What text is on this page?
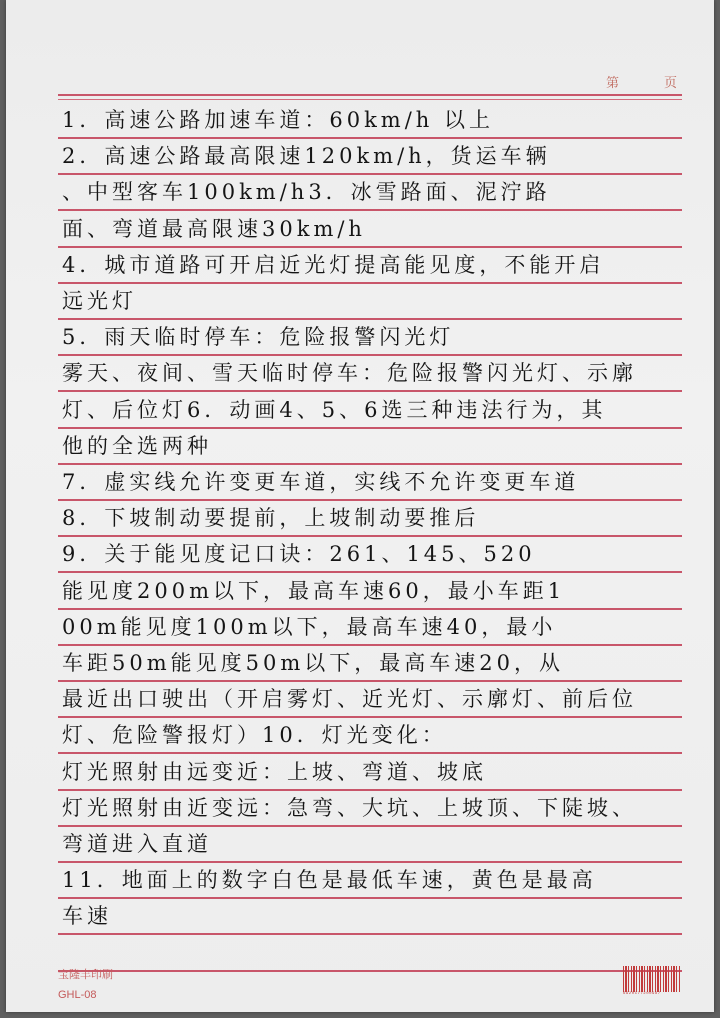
第	页
1．高速公路加速车道：60km/h 以上
2．高速公路最高限速120km/h，货运车辆
、中型客车100km/h3．冰雪路面、泥泞路
面、弯道最高限速30km/h
4．城市道路可开启近光灯提高能见度，不能开启
远光灯
5．雨天临时停车：危险报警闪光灯
雾天、夜间、雪天临时停车：危险报警闪光灯、示廓
灯、后位灯6．动画4、5、6选三种违法行为，其
他的全选两种
7．虚实线允许变更车道，实线不允许变更车道
8．下坡制动要提前，上坡制动要推后
9．关于能见度记口诀：261、145、520
能见度200m以下，最高车速60，最小车距1
00m能见度100m以下，最高车速40，最小
车距50m能见度50m以下，最高车速20，从
最近出口驶出（开启雾灯、近光灯、示廓灯、前后位
灯、危险警报灯）10．灯光变化：
灯光照射由远变近：上坡、弯道、坡底
灯光照射由近变远：急弯、大坑、上坡顶、下陡坡、
弯道进入直道
11．地面上的数字白色是最低车速，黄色是最高
车速
宝隆丰印刷
GHL-08	6920177200987
